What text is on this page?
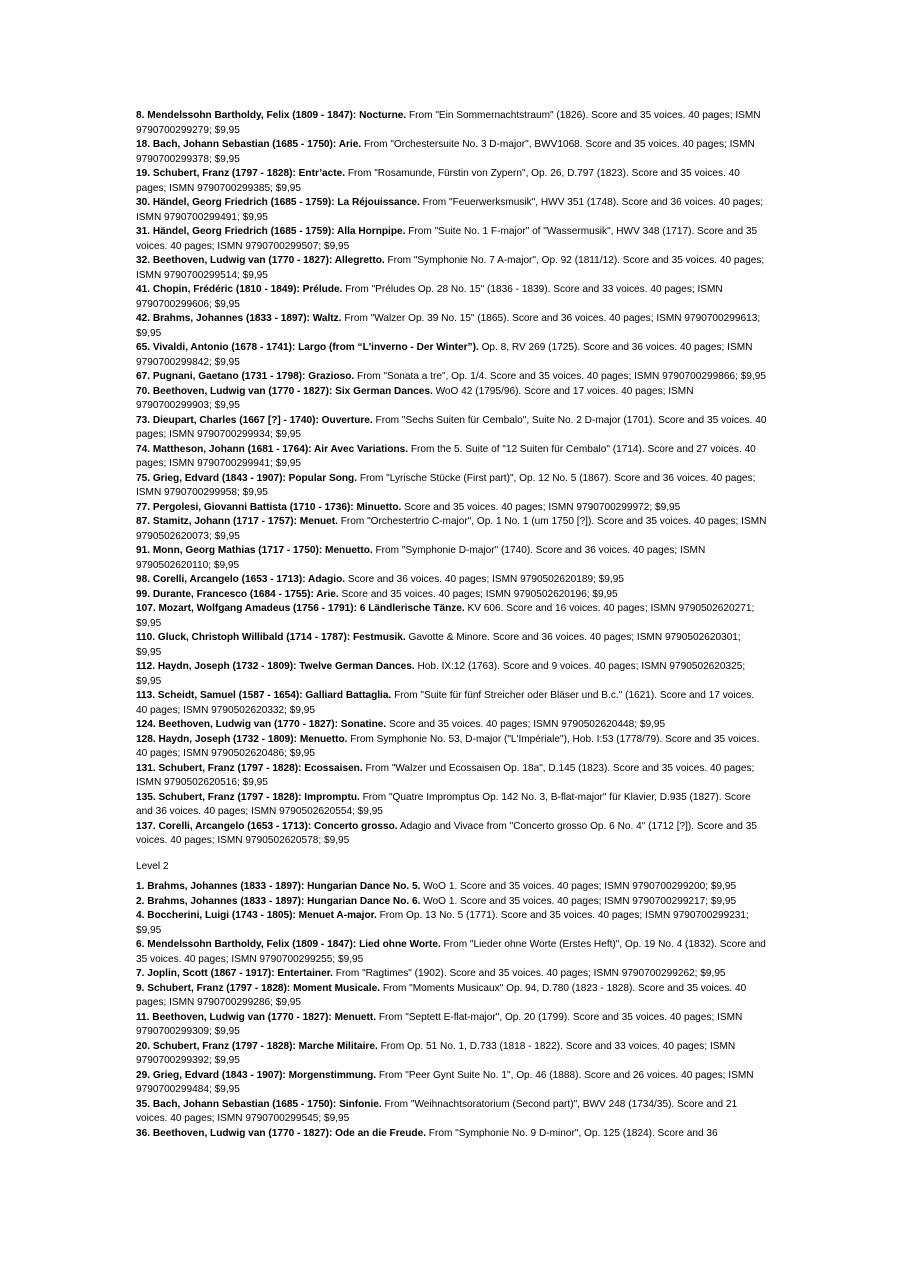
8. Mendelssohn Bartholdy, Felix (1809 - 1847): Nocturne. From "Ein Sommernachtstraum" (1826). Score and 35 voices. 40 pages; ISMN 9790700299279; $9,95

18. Bach, Johann Sebastian (1685 - 1750): Arie. From "Orchestersuite No. 3 D-major", BWV1068. Score and 35 voices. 40 pages; ISMN 9790700299378; $9,95

19. Schubert, Franz (1797 - 1828): Entr’acte. From "Rosamunde, Fürstin von Zypern", Op. 26, D.797 (1823). Score and 35 voices. 40 pages; ISMN 9790700299385; $9,95

30. Händel, Georg Friedrich (1685 - 1759): La Réjouissance. From "Feuerwerksmusik", HWV 351 (1748). Score and 36 voices. 40 pages; ISMN 9790700299491; $9,95

31. Händel, Georg Friedrich (1685 - 1759): Alla Hornpipe. From "Suite No. 1 F-major" of "Wassermusik", HWV 348 (1717). Score and 35 voices. 40 pages; ISMN 9790700299507; $9,95

32. Beethoven, Ludwig van (1770 - 1827): Allegretto. From "Symphonie No. 7 A-major", Op. 92 (1811/12). Score and 35 voices. 40 pages; ISMN 9790700299514; $9,95

41. Chopin, Frédéric (1810 - 1849): Prélude. From "Préludes Op. 28 No. 15" (1836 - 1839). Score and 33 voices. 40 pages; ISMN 9790700299606; $9,95

42. Brahms, Johannes (1833 - 1897): Waltz. From "Walzer Op. 39 No. 15" (1865). Score and 36 voices. 40 pages; ISMN 9790700299613; $9,95

65. Vivaldi, Antonio (1678 - 1741): Largo (from “L'inverno - Der Winter”). Op. 8, RV 269 (1725). Score and 36 voices. 40 pages; ISMN 9790700299842; $9,95

67. Pugnani, Gaetano (1731 - 1798): Grazioso. From "Sonata a tre", Op. 1/4. Score and 35 voices. 40 pages; ISMN 9790700299866; $9,95

70. Beethoven, Ludwig van (1770 - 1827): Six German Dances. WoO 42 (1795/96). Score and 17 voices. 40 pages; ISMN 9790700299903; $9,95

73. Dieupart, Charles (1667 [?] - 1740): Ouverture. From "Sechs Suiten für Cembalo", Suite No. 2 D-major (1701). Score and 35 voices. 40 pages; ISMN 9790700299934; $9,95

74. Mattheson, Johann (1681 - 1764): Air Avec Variations. From the 5. Suite of "12 Suiten für Cembalo" (1714). Score and 27 voices. 40 pages; ISMN 9790700299941; $9,95

75. Grieg, Edvard (1843 - 1907): Popular Song. From "Lyrische Stücke (First part)", Op. 12 No. 5 (1867). Score and 36 voices. 40 pages; ISMN 9790700299958; $9,95

77. Pergolesi, Giovanni Battista (1710 - 1736): Minuetto. Score and 35 voices. 40 pages; ISMN 9790700299972; $9,95

87. Stamitz, Johann (1717 - 1757): Menuet. From "Orchestertrio C-major", Op. 1 No. 1 (um 1750 [?]). Score and 35 voices. 40 pages; ISMN 9790502620073; $9,95

91. Monn, Georg Mathias (1717 - 1750): Menuetto. From "Symphonie D-major" (1740). Score and 36 voices. 40 pages; ISMN 9790502620110; $9,95

98. Corelli, Arcangelo (1653 - 1713): Adagio. Score and 36 voices. 40 pages; ISMN 9790502620189; $9,95

99. Durante, Francesco (1684 - 1755): Arie. Score and 35 voices. 40 pages; ISMN 9790502620196; $9,95

107. Mozart, Wolfgang Amadeus (1756 - 1791): 6 Ländlerische Tänze. KV 606. Score and 16 voices. 40 pages; ISMN 9790502620271; $9,95

110. Gluck, Christoph Willibald (1714 - 1787): Festmusik. Gavotte & Minore. Score and 36 voices. 40 pages; ISMN 9790502620301; $9,95

112. Haydn, Joseph (1732 - 1809): Twelve German Dances. Hob. IX:12 (1763). Score and 9 voices. 40 pages; ISMN 9790502620325; $9,95

113. Scheidt, Samuel (1587 - 1654): Galliard Battaglia. From "Suite für fünf Streicher oder Bläser und B.c." (1621). Score and 17 voices. 40 pages; ISMN 9790502620332; $9,95

124. Beethoven, Ludwig van (1770 - 1827): Sonatine. Score and 35 voices. 40 pages; ISMN 9790502620448; $9,95

128. Haydn, Joseph (1732 - 1809): Menuetto. From Symphonie No. 53, D-major ("L'Impériale"), Hob. I:53 (1778/79). Score and 35 voices. 40 pages; ISMN 9790502620486; $9,95

131. Schubert, Franz (1797 - 1828): Ecossaisen. From "Walzer und Ecossaisen Op. 18a", D.145 (1823). Score and 35 voices. 40 pages; ISMN 9790502620516; $9,95

135. Schubert, Franz (1797 - 1828): Impromptu. From "Quatre Impromptus Op. 142 No. 3, B-flat-major" für Klavier, D.935 (1827). Score and 36 voices. 40 pages; ISMN 9790502620554; $9,95

137. Corelli, Arcangelo (1653 - 1713): Concerto grosso. Adagio and Vivace from "Concerto grosso Op. 6 No. 4" (1712 [?]). Score and 35 voices. 40 pages; ISMN 9790502620578; $9,95

Level 2

1. Brahms, Johannes (1833 - 1897): Hungarian Dance No. 5. WoO 1. Score and 35 voices. 40 pages; ISMN 9790700299200; $9,95

2. Brahms, Johannes (1833 - 1897): Hungarian Dance No. 6. WoO 1. Score and 35 voices. 40 pages; ISMN 9790700299217; $9,95

4. Boccherini, Luigi (1743 - 1805): Menuet A-major. From Op. 13 No. 5 (1771). Score and 35 voices. 40 pages; ISMN 9790700299231; $9,95

6. Mendelssohn Bartholdy, Felix (1809 - 1847): Lied ohne Worte. From "Lieder ohne Worte (Erstes Heft)", Op. 19 No. 4 (1832). Score and 35 voices. 40 pages; ISMN 9790700299255; $9,95

7. Joplin, Scott (1867 - 1917): Entertainer. From "Ragtimes" (1902). Score and 35 voices. 40 pages; ISMN 9790700299262; $9,95

9. Schubert, Franz (1797 - 1828): Moment Musicale. From "Moments Musicaux" Op. 94, D.780 (1823 - 1828). Score and 35 voices. 40 pages; ISMN 9790700299286; $9,95

11. Beethoven, Ludwig van (1770 - 1827): Menuett. From "Septett E-flat-major", Op. 20 (1799). Score and 35 voices. 40 pages; ISMN 9790700299309; $9,95

20. Schubert, Franz (1797 - 1828): Marche Militaire. From Op. 51 No. 1, D.733 (1818 - 1822). Score and 33 voices. 40 pages; ISMN 9790700299392; $9,95

29. Grieg, Edvard (1843 - 1907): Morgenstimmung. From "Peer Gynt Suite No. 1", Op. 46 (1888). Score and 26 voices. 40 pages; ISMN 9790700299484; $9,95

35. Bach, Johann Sebastian (1685 - 1750): Sinfonie. From "Weihnachtsoratorium (Second part)", BWV 248 (1734/35). Score and 21 voices. 40 pages; ISMN 9790700299545; $9,95

36. Beethoven, Ludwig van (1770 - 1827): Ode an die Freude. From "Symphonie No. 9 D-minor", Op. 125 (1824). Score and 36
